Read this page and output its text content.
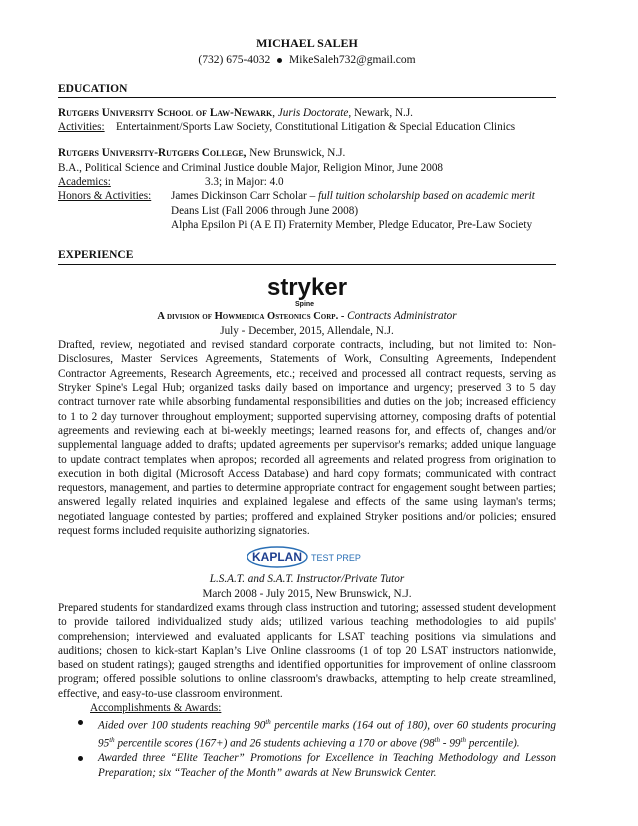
MICHAEL SALEH
(732) 675-4032 MikeSaleh732@gmail.com
EDUCATION
Rutgers University School of Law-Newark, Juris Doctorate, Newark, N.J.
Activities:	Entertainment/Sports Law Society, Constitutional Litigation & Special Education Clinics
Rutgers University-Rutgers College, New Brunswick, N.J.
B.A., Political Science and Criminal Justice double Major, Religion Minor, June 2008
Academics:	3.3; in Major: 4.0
Honors & Activities:	James Dickinson Carr Scholar – full tuition scholarship based on academic merit
Deans List (Fall 2006 through June 2008)
Alpha Epsilon Pi (Α Ε Π) Fraternity Member, Pledge Educator, Pre-Law Society
EXPERIENCE
stryker
Spine
A division of Howmedica Osteonics Corp. - Contracts Administrator
July - December, 2015, Allendale, N.J.
Drafted, review, negotiated and revised standard corporate contracts, including, but not limited to: Non-Disclosures, Master Services Agreements, Statements of Work, Consulting Agreements, Independent Contractor Agreements, Research Agreements, etc.; received and processed all contract requests, serving as Stryker Spine's Legal Hub; organized tasks daily based on importance and urgency; preserved 3 to 5 day contract turnover rate while absorbing fundamental responsibilities and duties on the job; increased efficiency to 1 to 2 day turnover throughout employment; supported supervising attorney, composing drafts of potential agreements and reviewing each at bi-weekly meetings; learned reasons for, and effects of, changes and/or supplemental language added to drafts; updated agreements per supervisor's remarks; added unique language to update contract templates when apropos; recorded all agreements and related progress from origination to execution in both digital (Microsoft Access Database) and hard copy formats; communicated with contract requestors, management, and parties to determine appropriate contract for engagement sought between parties; answered legally related inquiries and explained legalese and effects of the same using layman's terms; negotiated language contested by parties; proffered and explained Stryker positions and/or policies; ensured request forms included requisite authorizing signatories.
KAPLAN TEST PREP
L.S.A.T. and S.A.T. Instructor/Private Tutor
March 2008 - July 2015, New Brunswick, N.J.
Prepared students for standardized exams through class instruction and tutoring; assessed student development to provide tailored individualized study aids; utilized various teaching methodologies to aid pupils' comprehension; interviewed and evaluated applicants for LSAT teaching positions via simulations and auditions; chosen to kick-start Kaplan’s Live Online classrooms (1 of top 20 LSAT instructors nationwide, based on student ratings); gauged strengths and identified opportunities for improvement of online classroom program; offered possible solutions to online classroom's drawbacks, attempting to help create streamlined, effective, and easy-to-use classroom environment.
Accomplishments & Awards:
Aided over 100 students reaching 90th percentile marks (164 out of 180), over 60 students procuring 95th percentile scores (167+) and 26 students achieving a 170 or above (98th - 99th percentile).
Awarded three “Elite Teacher” Promotions for Excellence in Teaching Methodology and Lesson Preparation; six “Teacher of the Month” awards at New Brunswick Center.
